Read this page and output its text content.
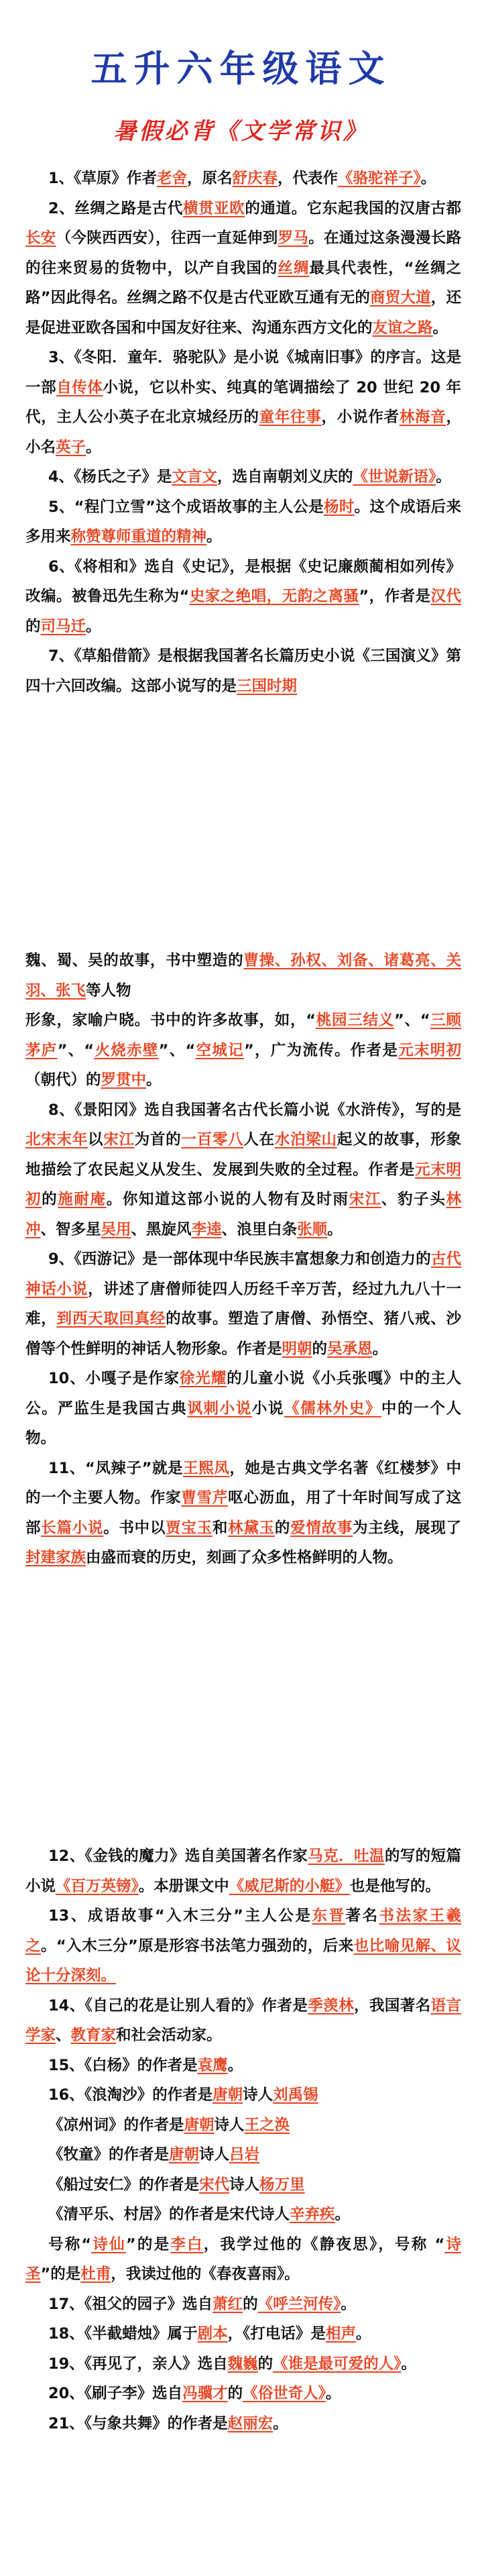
五升六年级语文
暑假必背《文学常识》
1、《草原》作者老舍，原名舒庆春，代表作《骆驼祥子》。
2、丝绸之路是古代横贯亚欧的通道。它东起我国的汉唐古都长安（今陕西西安），往西一直延伸到罗马。在通过这条漫漫长路的往来贸易的货物中，以产自我国的丝绸最具代表性，“丝绸之路”因此得名。丝绸之路不仅是古代亚欧互通有无的商贸大道，还是促进亚欧各国和中国友好往来、沟通东西方文化的友谊之路。
3、《冬阳．童年．骆驼队》是小说《城南旧事》的序言。这是一部自传体小说，它以朴实、纯真的笔调描绘了 20 世纪 20 年代，主人公小英子在北京城经历的童年往事，小说作者林海音，小名英子。
4、《杨氏之子》是文言文，选自南朝刘义庆的《世说新语》。
5、“程门立雪”这个成语故事的主人公是杨时。这个成语后来多用来称赞尊师重道的精神。
6、《将相和》选自《史记》，是根据《史记廉颇蔺相如列传》改编。被鲁迅先生称为“史家之绝唱，无韵之离骚”，作者是汉代的司马迁。
7、《草船借箭》是根据我国著名长篇历史小说《三国演义》第四十六回改编。这部小说写的是三国时期
魏、蜀、吴的故事，书中塑造的曹操、孙权、刘备、诸葛亮、关羽、张飞等人物
形象，家喻户晓。书中的许多故事，如，“桃园三结义”、“三顾茅庐”、“火烧赤壁”、“空城记”，广为流传。作者是元末明初（朝代）的罗贯中。
8、《景阳冈》选自我国著名古代长篇小说《水浒传》，写的是北宋末年以宋江为首的一百零八人在水泊梁山起义的故事，形象地描绘了农民起义从发生、发展到失败的全过程。作者是元末明初的施耐庵。你知道这部小说的人物有及时雨宋江、豹子头林冲、智多星吴用、黑旋风李逵、浪里白条张顺。
9、《西游记》是一部体现中华民族丰富想象力和创造力的古代神话小说，讲述了唐僧师徒四人历经千辛万苦，经过九九八十一难，到西天取回真经的故事。塑造了唐僧、孙悟空、猪八戒、沙僧等个性鲜明的神话人物形象。作者是明朝的吴承恩。
10、小嘎子是作家徐光耀的儿童小说《小兵张嘎》中的主人公。严监生是我国古典讽刺小说小说《儒林外史》中的一个人物。
11、“凤辣子”就是王熙凤，她是古典文学名著《红楼梦》中的一个主要人物。作家曹雪芹呕心沥血，用了十年时间写成了这部长篇小说。书中以贾宝玉和林黛玉的爱情故事为主线，展现了封建家族由盛而衰的历史，刻画了众多性格鲜明的人物。
12、《金钱的魔力》选自美国著名作家马克．吐温的写的短篇小说《百万英镑》。本册课文中《威尼斯的小艇》也是他写的。
13、成语故事“入木三分”主人公是东晋著名书法家王羲之。“入木三分”原是形容书法笔力强劲的，后来也比喻见解、议论十分深刻。
14、《自己的花是让别人看的》作者是季羡林，我国著名语言学家、教育家和社会活动家。
15、《白杨》的作者是袁鹰。
16、《浪淘沙》的作者是唐朝诗人刘禹锡
《凉州词》的作者是唐朝诗人王之涣
《牧童》的作者是唐朝诗人吕岩
《船过安仁》的作者是宋代诗人杨万里
《清平乐、村居》的作者是宋代诗人辛弃疾。
号称“诗仙”的是李白，我学过他的《静夜思》，号称 “诗圣”的是杜甫，我读过他的《春夜喜雨》。
17、《祖父的园子》选自萧红的《呼兰河传》。
18、《半截蜡烛》属于剧本，《打电话》是相声。
19、《再见了，亲人》选自魏巍的《谁是最可爱的人》。
20、《刷子李》选自冯骥才的《俗世奇人》。
21、《与象共舞》的作者是赵丽宏。
